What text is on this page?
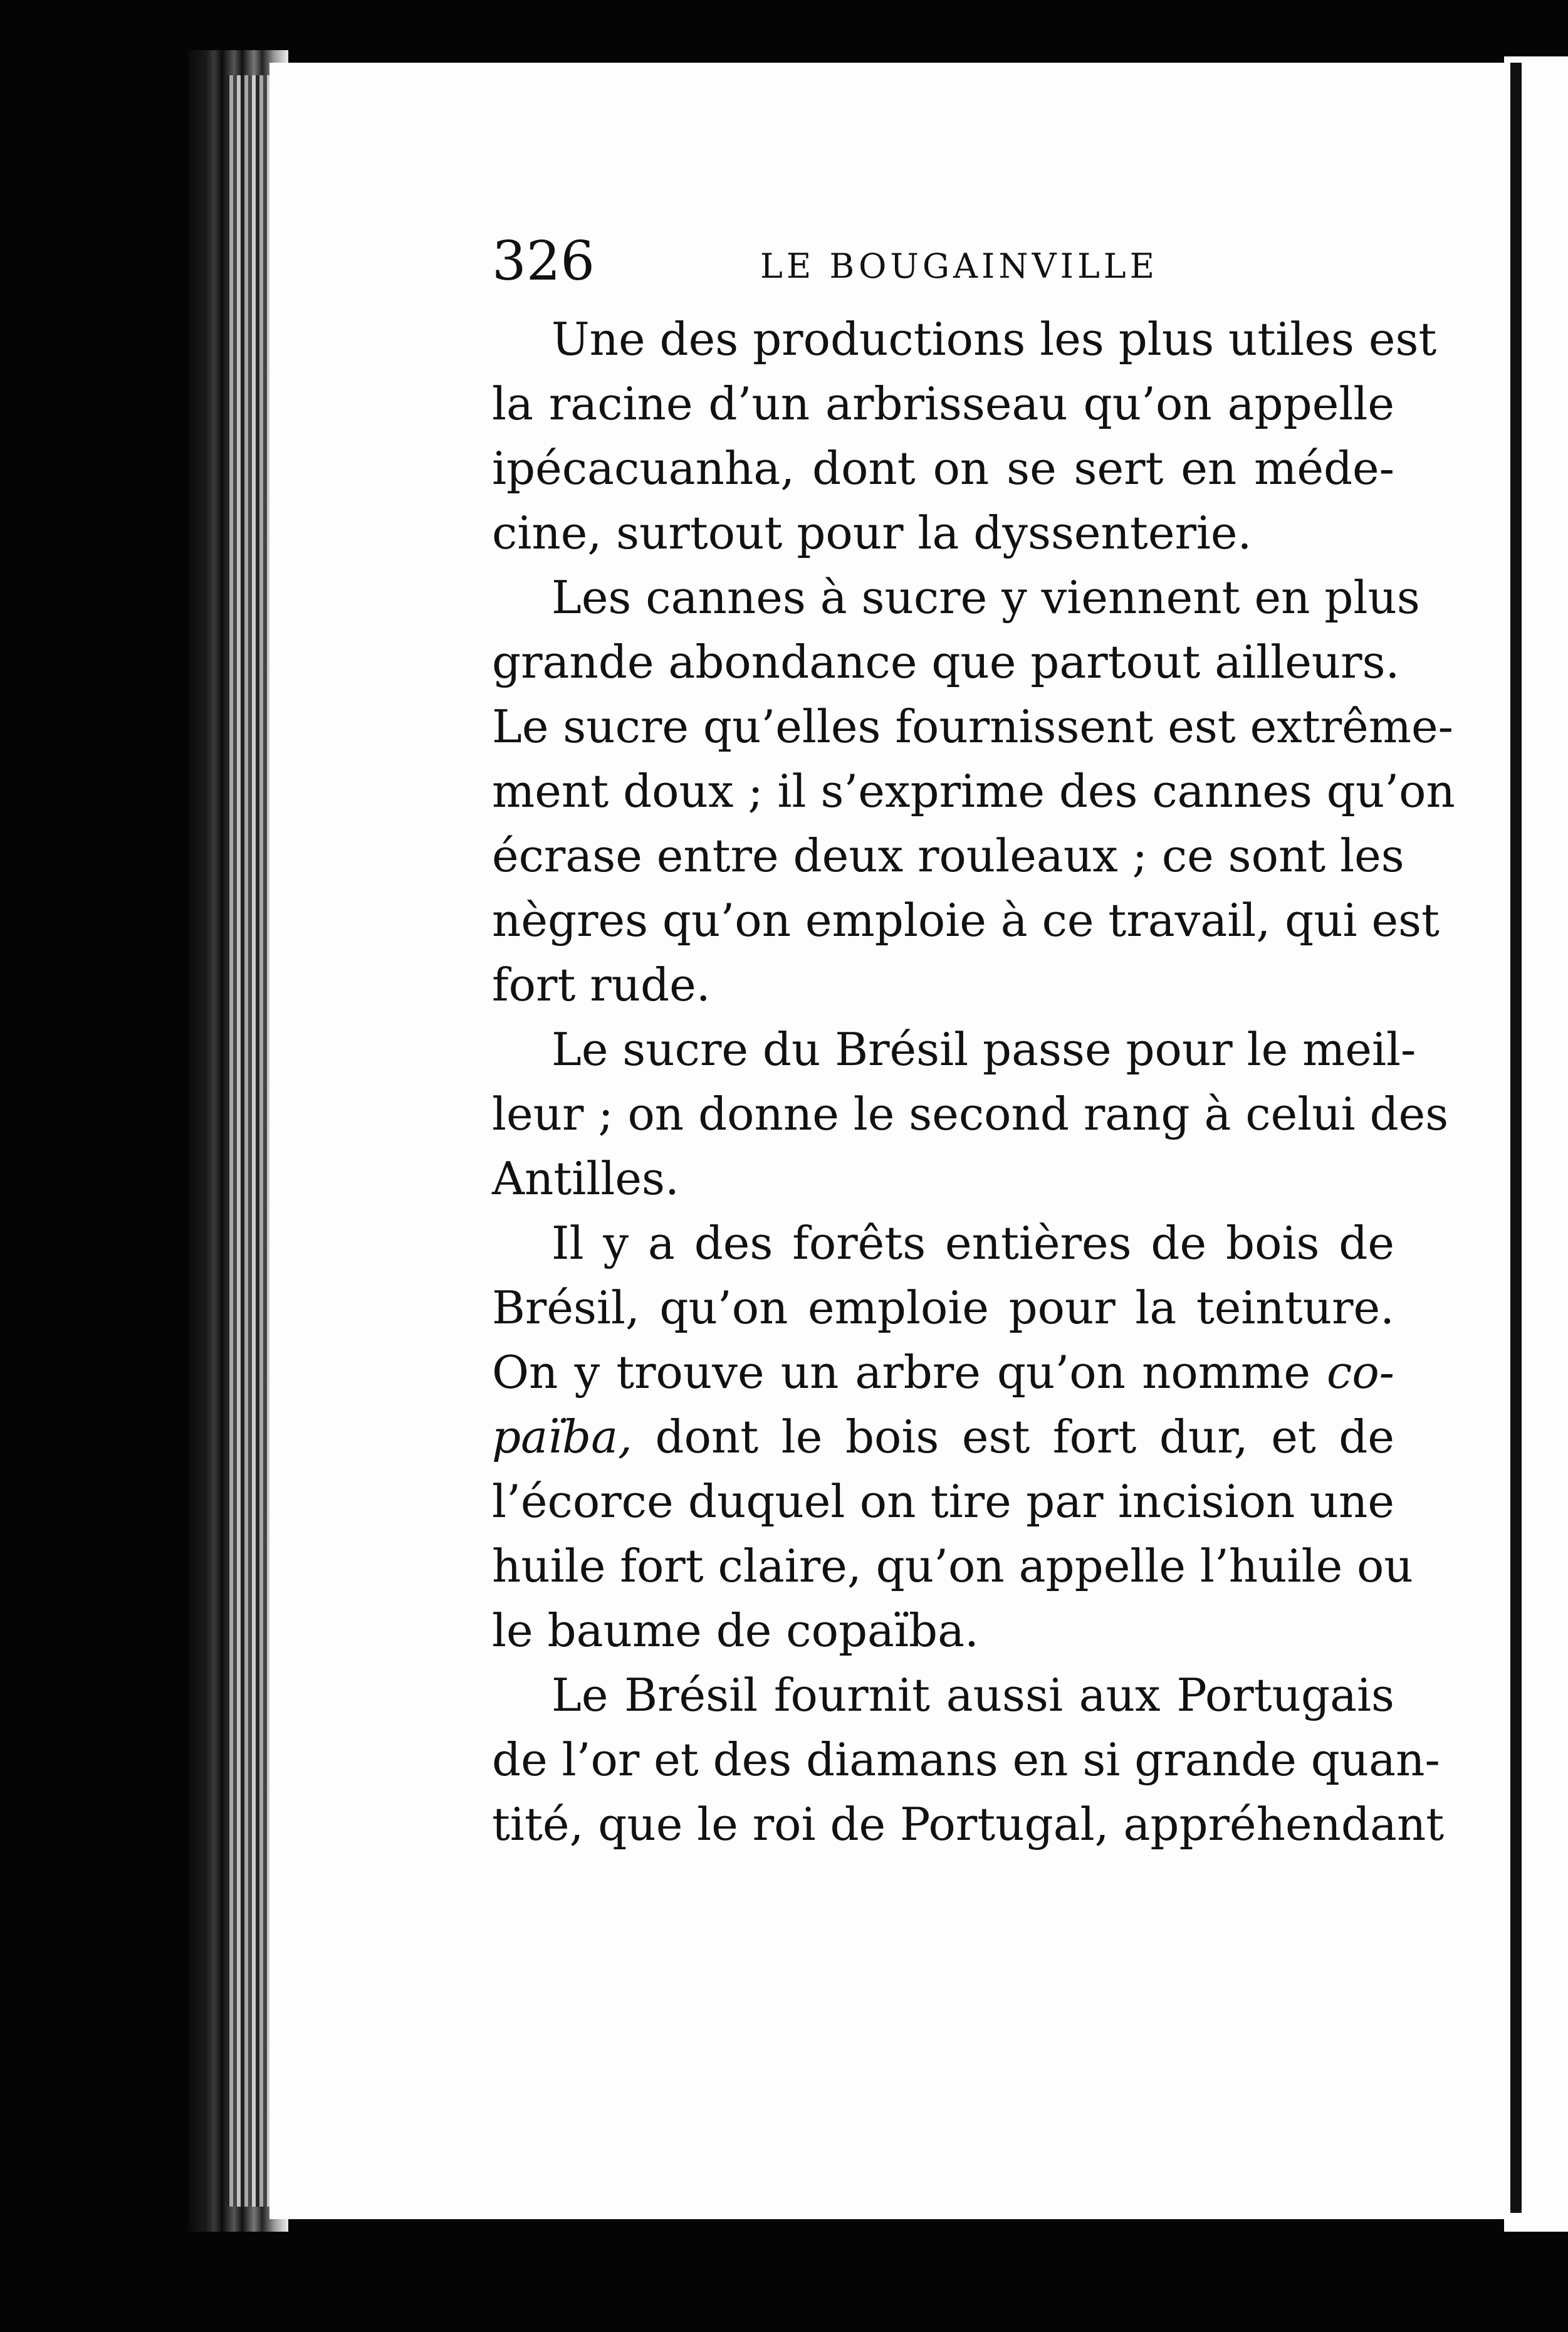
326	LE BOUGAINVILLE
Une des productions les plus utiles est
la racine d’un arbrisseau qu’on appelle
ipécacuanha, dont on se sert en méde-
cine, surtout pour la dyssenterie.
Les cannes à sucre y viennent en plus
grande abondance que partout ailleurs.
Le sucre qu’elles fournissent est extrême-
ment doux ; il s’exprime des cannes qu’on
écrase entre deux rouleaux ; ce sont les
nègres qu’on emploie à ce travail, qui est
fort rude.
Le sucre du Brésil passe pour le meil-
leur ; on donne le second rang à celui des
Antilles.
Il y a des forêts entières de bois de
Brésil, qu’on emploie pour la teinture.
On y trouve un arbre qu’on nomme co-
païba, dont le bois est fort dur, et de
l’écorce duquel on tire par incision une
huile fort claire, qu’on appelle l’huile ou
le baume de copaïba.
Le Brésil fournit aussi aux Portugais
de l’or et des diamans en si grande quan-
tité, que le roi de Portugal, appréhendant
